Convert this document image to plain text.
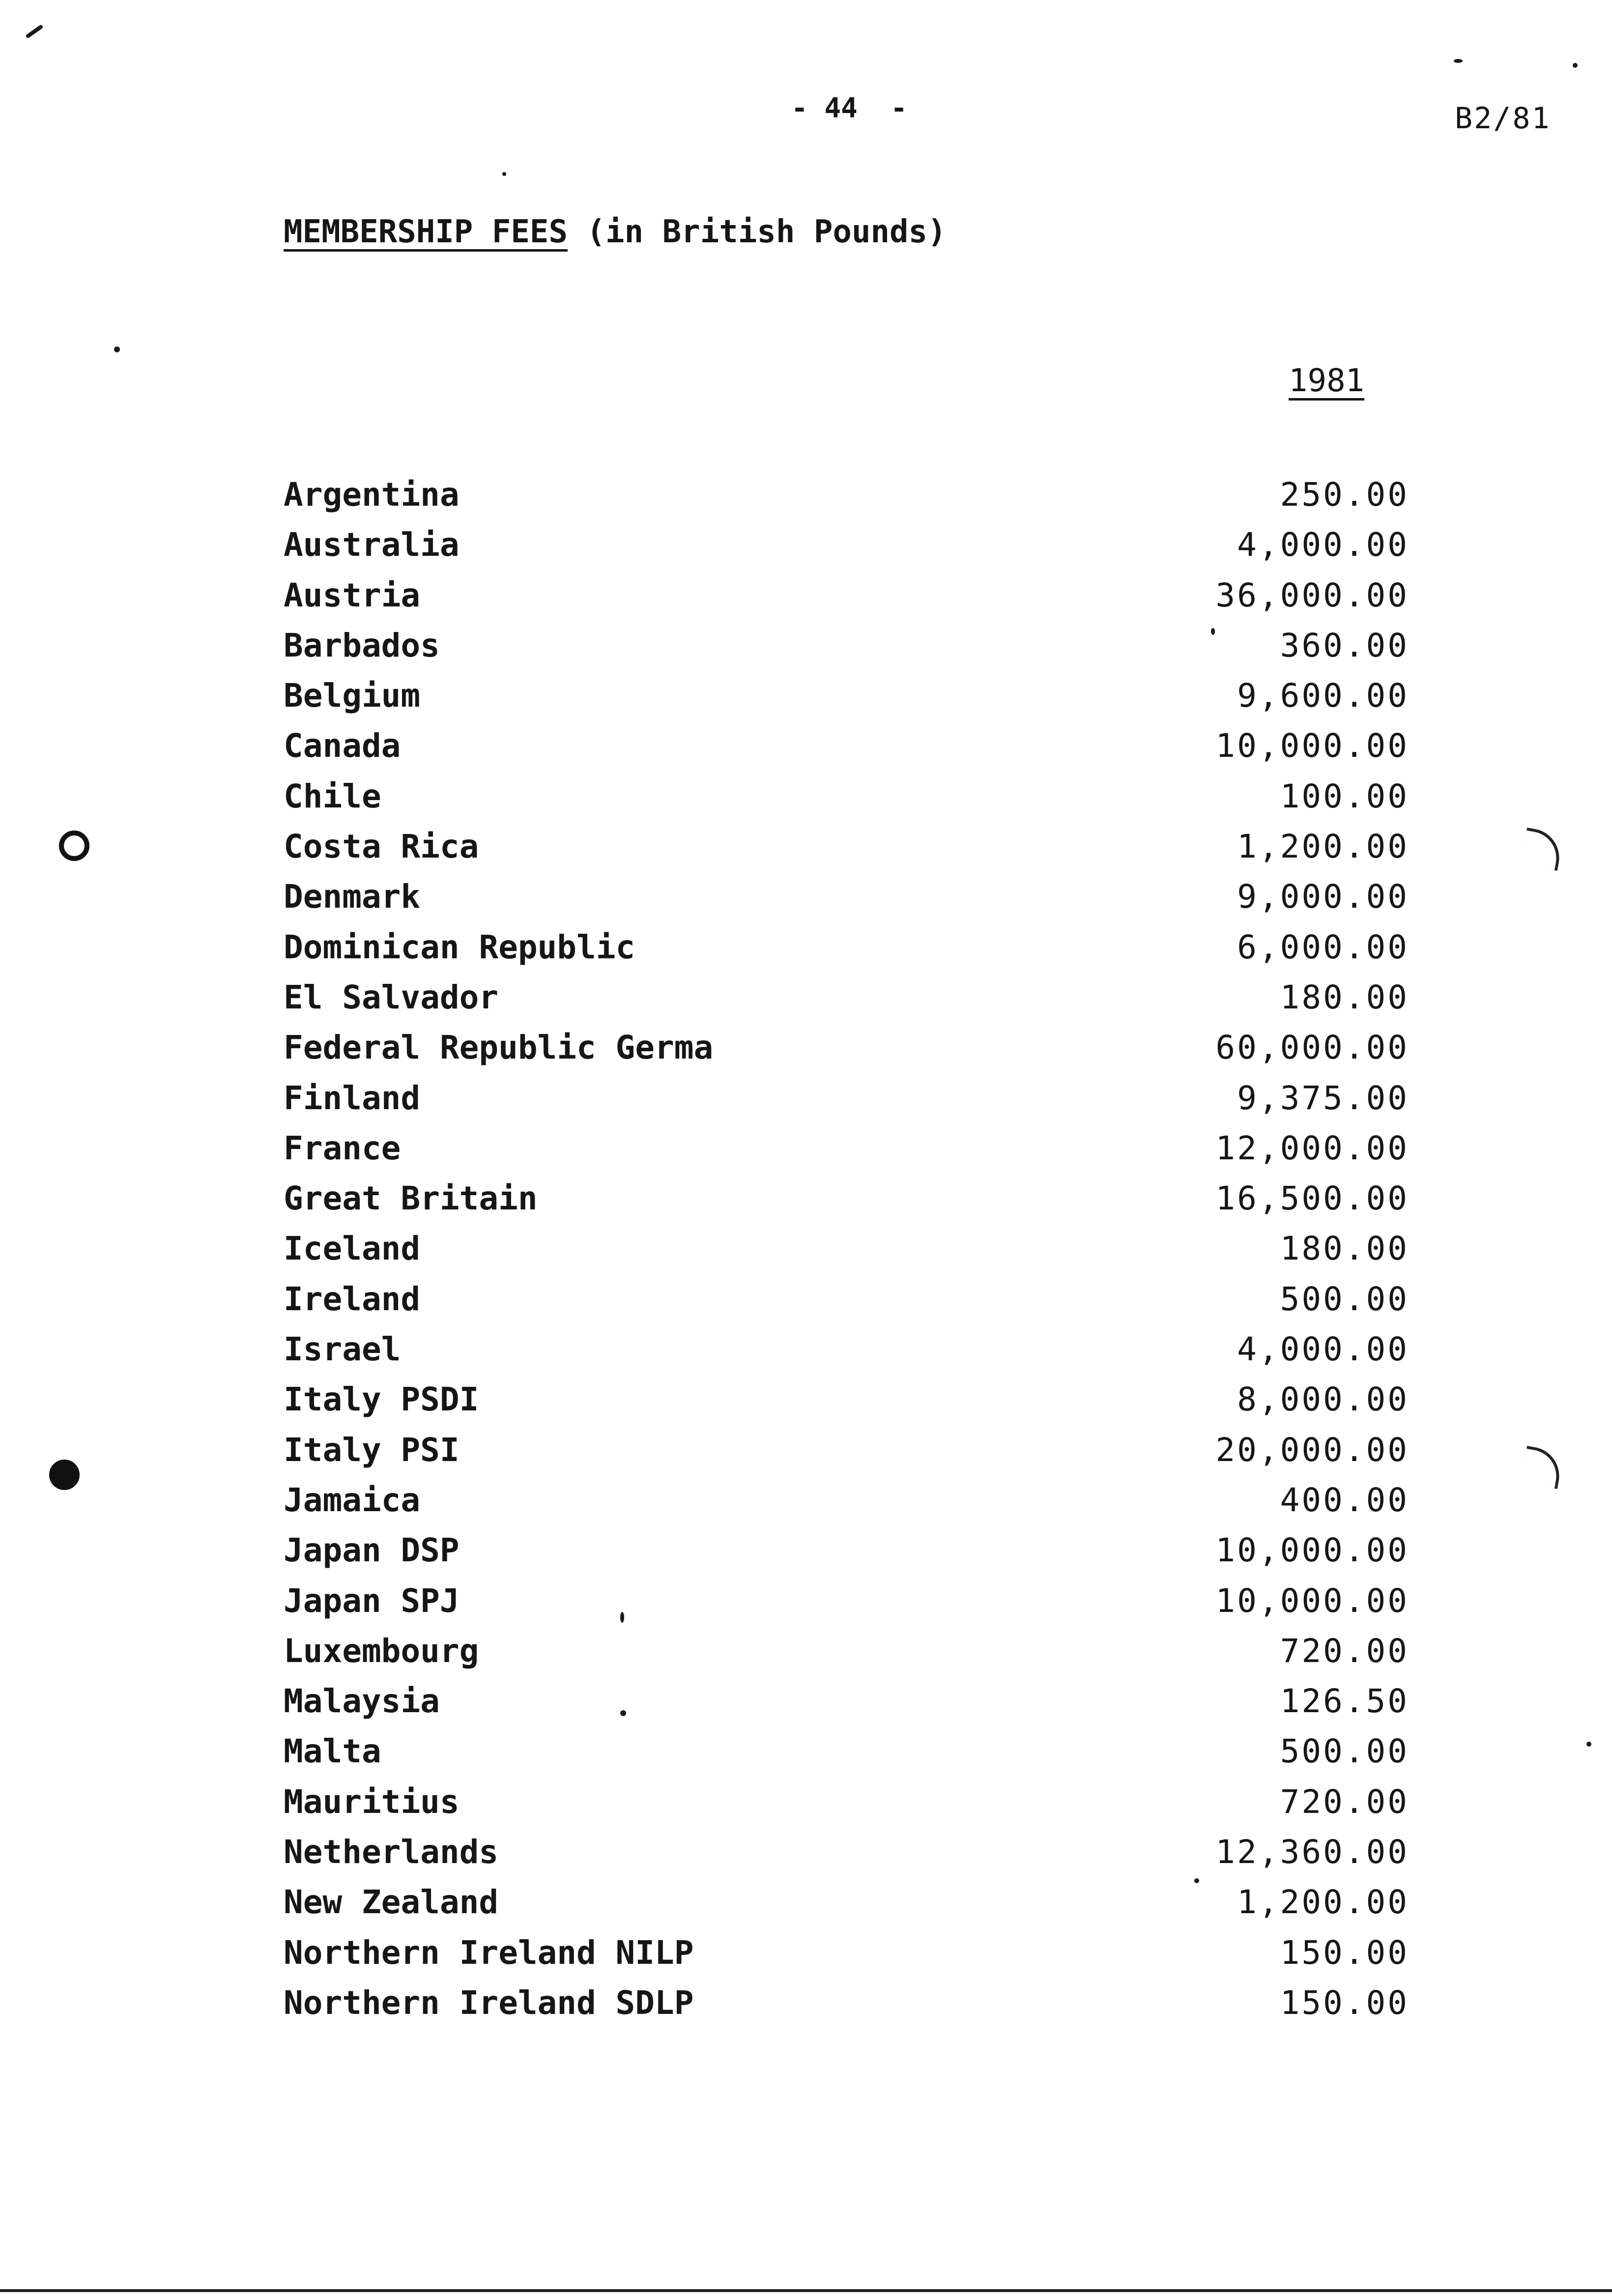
- 44  -	B2/81
MEMBERSHIP FEES (in British Pounds)
1981
Argentina	250.00
Australia	4,000.00
Austria	36,000.00
Barbados	360.00
Belgium	9,600.00
Canada	10,000.00
Chile	100.00
Costa Rica	1,200.00
Denmark	9,000.00
Dominican Republic	6,000.00
El Salvador	180.00
Federal Republic Germa	60,000.00
Finland	9,375.00
France	12,000.00
Great Britain	16,500.00
Iceland	180.00
Ireland	500.00
Israel	4,000.00
Italy PSDI	8,000.00
Italy PSI	20,000.00
Jamaica	400.00
Japan DSP	10,000.00
Japan SPJ	10,000.00
Luxembourg	720.00
Malaysia	126.50
Malta	500.00
Mauritius	720.00
Netherlands	12,360.00
New Zealand	1,200.00
Northern Ireland NILP	150.00
Northern Ireland SDLP	150.00
